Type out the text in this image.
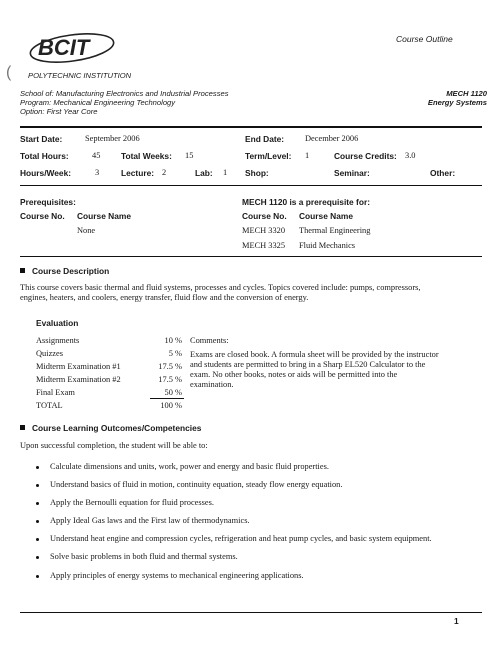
BCIT	Course Outline
( POLYTECHNIC INSTITUTION
School of: Manufacturing Electronics and Industrial Processes
Program: Mechanical Engineering Technology
Option: First Year Core
MECH 1120
Energy Systems
Start Date:	September 2006	End Date: December 2006
Total Hours:	45 Total Weeks: 15	Term/Level: 1	Course Credits: 3.0
Hours/Week:	3	Lecture: 2	Lab: 1 Shop:	Seminar:	Other:
Prerequisites:
Course No. Course Name
None
MECH 1120 is a prerequisite for:
Course No. Course Name
MECH 3320 Thermal Engineering
MECH 3325 Fluid Mechanics
Course Description
This course covers basic thermal and fluid systems, processes and cycles. Topics covered include: pumps, compressors,
engines, heaters, and coolers, energy transfer, fluid flow and the conversion of energy.
Evaluation
Assignments	10 %
Quizzes	5 %
Midterm Examination #1	17.5 %
Midterm Examination #2	17.5 %
Final Exam	50 %
TOTAL	100 %
Comments:
Exams are closed book. A formula sheet will be provided by the instructor
and students are permitted to bring in a Sharp EL520 Calculator to the
exam. No other books, notes or aids will be permitted into the
examination.
Course Learning Outcomes/Competencies
Upon successful completion, the student will be able to:
Calculate dimensions and units, work, power and energy and basic fluid properties.
Understand basics of fluid in motion, continuity equation, steady flow energy equation.
Apply the Bernoulli equation for fluid processes.
Apply Ideal Gas laws and the First law of thermodynamics.
Understand heat engine and compression cycles, refrigeration and heat pump cycles, and basic system equipment.
Solve basic problems in both fluid and thermal systems.
Apply principles of energy systems to mechanical engineering applications.
1
